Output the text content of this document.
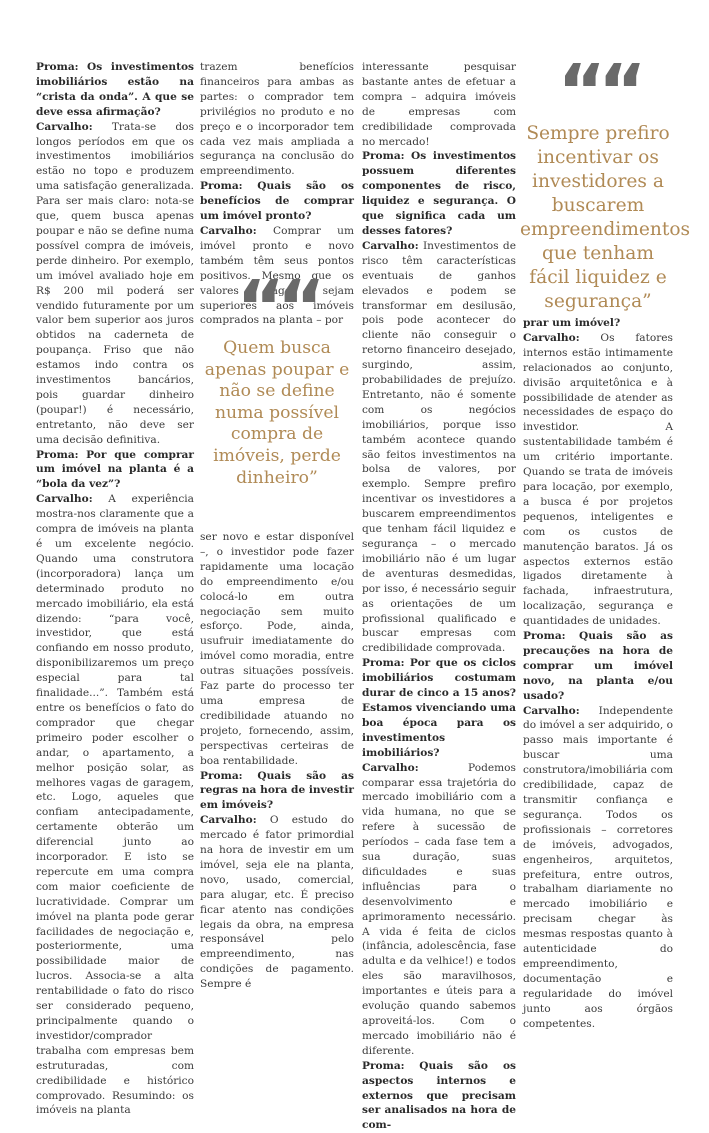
Proma: Os investimentos imobiliários estão na “crista da onda”. A que se deve essa afirmação?

Carvalho: Trata-se dos longos períodos em que os investimentos imobiliários estão no topo e produzem uma satisfação generalizada. Para ser mais claro: nota-se que, quem busca apenas poupar e não se define numa possível compra de imóveis, perde dinheiro. Por exemplo, um imóvel avaliado hoje em R$ 200 mil poderá ser vendido futuramente por um valor bem superior aos juros obtidos na caderneta de poupança. Friso que não estamos indo contra os investimentos bancários, pois guardar dinheiro (poupar!) é necessário, entretanto, não deve ser uma decisão definitiva.

Proma: Por que comprar um imóvel na planta é a “bola da vez”?

Carvalho: A experiência mostra-nos claramente que a compra de imóveis na planta é um excelente negócio. Quando uma construtora (incorporadora) lança um determinado produto no mercado imobiliário, ela está dizendo: “para você, investidor, que está confiando em nosso produto, disponibilizaremos um preço especial para tal finalidade...”. Também está entre os benefícios o fato do comprador que chegar primeiro poder escolher o andar, o apartamento, a melhor posição solar, as melhores vagas de garagem, etc. Logo, aqueles que confiam antecipadamente, certamente obterão um diferencial junto ao incorporador. E isto se repercute em uma compra com maior coeficiente de lucratividade. Comprar um imóvel na planta pode gerar facilidades de negociação e, posteriormente, uma possibilidade maior de lucros. Associa-se a alta rentabilidade o fato do risco ser considerado pequeno, principalmente quando o investidor/comprador trabalha com empresas bem estruturadas, com credibilidade e histórico comprovado. Resumindo: os imóveis na planta

trazem benefícios financeiros para ambas as partes: o comprador tem privilégios no produto e no preço e o incorporador tem cada vez mais ampliada a segurança na conclusão do empreendimento.

Proma: Quais são os benefícios de comprar um imóvel pronto?

Carvalho: Comprar um imóvel pronto e novo também têm seus pontos positivos. Mesmo que os valores pagos sejam superiores aos imóveis comprados na planta – por

““
Quem busca apenas poupar e não se define numa possível compra de imóveis, perde dinheiro”

ser novo e estar disponível –, o investidor pode fazer rapidamente uma locação do empreendimento e/ou colocá-lo em outra negociação sem muito esforço. Pode, ainda, usufruir imediatamente do imóvel como moradia, entre outras situações possíveis. Faz parte do processo ter uma empresa de credibilidade atuando no projeto, fornecendo, assim, perspectivas certeiras de boa rentabilidade.

Proma: Quais são as regras na hora de investir em imóveis?

Carvalho: O estudo do mercado é fator primordial na hora de investir em um imóvel, seja ele na planta, novo, usado, comercial, para alugar, etc. É preciso ficar atento nas condições legais da obra, na empresa responsável pelo empreendimento, nas condições de pagamento. Sempre é

interessante pesquisar bastante antes de efetuar a compra – adquira imóveis de empresas com credibilidade comprovada no mercado!

Proma: Os investimentos possuem diferentes componentes de risco, liquidez e segurança. O que significa cada um desses fatores?

Carvalho: Investimentos de risco têm características eventuais de ganhos elevados e podem se transformar em desilusão, pois pode acontecer do cliente não conseguir o retorno financeiro desejado, surgindo, assim, probabilidades de prejuízo. Entretanto, não é somente com os negócios imobiliários, porque isso também acontece quando são feitos investimentos na bolsa de valores, por exemplo. Sempre prefiro incentivar os investidores a buscarem empreendimentos que tenham fácil liquidez e segurança – o mercado imobiliário não é um lugar de aventuras desmedidas, por isso, é necessário seguir as orientações de um profissional qualificado e buscar empresas com credibilidade comprovada.

Proma: Por que os ciclos imobiliários costumam durar de cinco a 15 anos? Estamos vivenciando uma boa época para os investimentos imobiliários?

Carvalho:	Podemos comparar essa trajetória do mercado imobiliário com a vida humana, no que se refere à sucessão de períodos – cada fase tem a sua duração, suas dificuldades e suas influências para o desenvolvimento e aprimoramento necessário. A vida é feita de ciclos (infância, adolescência, fase adulta e da velhice!) e todos eles são maravilhosos, importantes e úteis para a evolução quando sabemos aproveitá-los. Com o mercado imobiliário não é diferente.

Proma: Quais são os aspectos internos e externos que precisam ser analisados na hora de com-

““
Sempre prefiro incentivar os investidores a buscarem empreendimentos que tenham fácil liquidez e segurança”

prar um imóvel?

Carvalho: Os fatores internos estão intimamente relacionados ao conjunto, divisão arquitetônica e à possibilidade de atender as necessidades de espaço do investidor. A sustentabilidade também é um critério importante. Quando se trata de imóveis para locação, por exemplo, a busca é por projetos pequenos, inteligentes e com os custos de manutenção baratos. Já os aspectos externos estão ligados diretamente à fachada, infraestrutura, localização, segurança e quantidades de unidades.

Proma: Quais são as precauções na hora de comprar um imóvel novo, na planta e/ou usado?

Carvalho: Independente do imóvel a ser adquirido, o passo mais importante é buscar uma construtora/imobiliária com credibilidade, capaz de transmitir confiança e segurança. Todos os profissionais – corretores de imóveis, advogados, engenheiros, arquitetos, prefeitura, entre outros, trabalham diariamente no mercado imobiliário e precisam chegar às mesmas respostas quanto à autenticidade do empreendimento, documentação e regularidade do imóvel junto aos órgãos competentes.
